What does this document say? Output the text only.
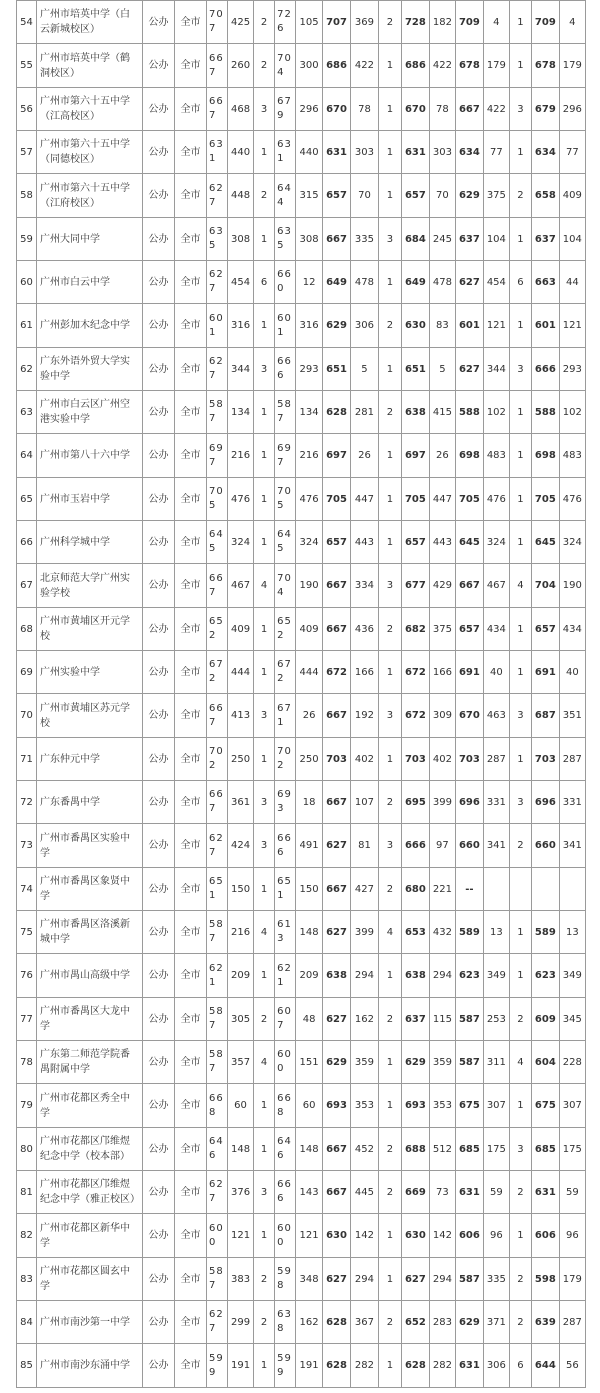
54	广州市培英中学（白云新城校区）	公办	全市	707	425	2	726	105	707	369	2	728	182	709	4	1	709	4
55	广州市培英中学（鹤洞校区）	公办	全市	667	260	2	704	300	686	422	1	686	422	678	179	1	678	179
56	广州市第六十五中学（江高校区）	公办	全市	667	468	3	679	296	670	78	1	670	78	667	422	3	679	296
57	广州市第六十五中学（同德校区）	公办	全市	631	440	1	631	440	631	303	1	631	303	634	77	1	634	77
58	广州市第六十五中学（江府校区）	公办	全市	627	448	2	644	315	657	70	1	657	70	629	375	2	658	409
59	广州大同中学	公办	全市	635	308	1	635	308	667	335	3	684	245	637	104	1	637	104
60	广州市白云中学	公办	全市	627	454	6	660	12	649	478	1	649	478	627	454	6	663	44
61	广州彭加木纪念中学	公办	全市	601	316	1	601	316	629	306	2	630	83	601	121	1	601	121
62	广东外语外贸大学实验中学	公办	全市	627	344	3	666	293	651	5	1	651	5	627	344	3	666	293
63	广州市白云区广州空港实验中学	公办	全市	587	134	1	587	134	628	281	2	638	415	588	102	1	588	102
64	广州市第八十六中学	公办	全市	697	216	1	697	216	697	26	1	697	26	698	483	1	698	483
65	广州市玉岩中学	公办	全市	705	476	1	705	476	705	447	1	705	447	705	476	1	705	476
66	广州科学城中学	公办	全市	645	324	1	645	324	657	443	1	657	443	645	324	1	645	324
67	北京师范大学广州实验学校	公办	全市	667	467	4	704	190	667	334	3	677	429	667	467	4	704	190
68	广州市黄埔区开元学校	公办	全市	652	409	1	652	409	667	436	2	682	375	657	434	1	657	434
69	广州实验中学	公办	全市	672	444	1	672	444	672	166	1	672	166	691	40	1	691	40
70	广州市黄埔区苏元学校	公办	全市	667	413	3	671	26	667	192	3	672	309	670	463	3	687	351
71	广东仲元中学	公办	全市	702	250	1	702	250	703	402	1	703	402	703	287	1	703	287
72	广东番禺中学	公办	全市	667	361	3	693	18	667	107	2	695	399	696	331	3	696	331
73	广州市番禺区实验中学	公办	全市	627	424	3	666	491	627	81	3	666	97	660	341	2	660	341
74	广州市番禺区象贤中学	公办	全市	651	150	1	651	150	667	427	2	680	221	--				
75	广州市番禺区洛溪新城中学	公办	全市	587	216	4	613	148	627	399	4	653	432	589	13	1	589	13
76	广州市禺山高级中学	公办	全市	621	209	1	621	209	638	294	1	638	294	623	349	1	623	349
77	广州市番禺区大龙中学	公办	全市	587	305	2	607	48	627	162	2	637	115	587	253	2	609	345
78	广东第二师范学院番禺附属中学	公办	全市	587	357	4	600	151	629	359	1	629	359	587	311	4	604	228
79	广州市花都区秀全中学	公办	全市	668	60	1	668	60	693	353	1	693	353	675	307	1	675	307
80	广州市花都区邝维煜纪念中学（校本部）	公办	全市	646	148	1	646	148	667	452	2	688	512	685	175	3	685	175
81	广州市花都区邝维煜纪念中学（雅正校区）	公办	全市	627	376	3	666	143	667	445	2	669	73	631	59	2	631	59
82	广州市花都区新华中学	公办	全市	600	121	1	600	121	630	142	1	630	142	606	96	1	606	96
83	广州市花都区圆玄中学	公办	全市	587	383	2	598	348	627	294	1	627	294	587	335	2	598	179
84	广州市南沙第一中学	公办	全市	627	299	2	638	162	628	367	2	652	283	629	371	2	639	287
85	广州市南沙东涌中学	公办	全市	599	191	1	599	191	628	282	1	628	282	631	306	6	644	56
